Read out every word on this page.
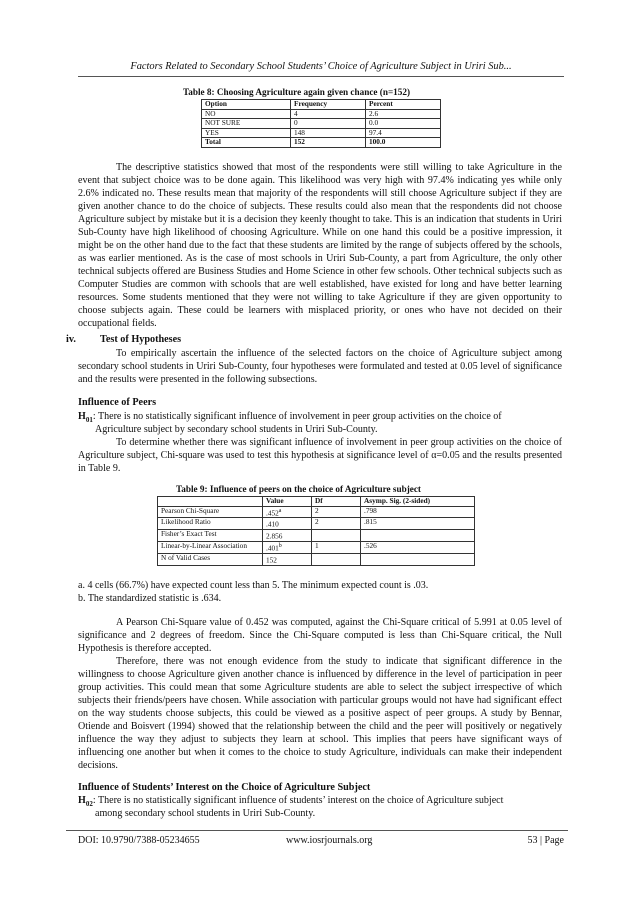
Factors Related to Secondary School Students’ Choice of Agriculture Subject in Uriri Sub...
Table 8: Choosing Agriculture again given chance (n=152)
Option	Frequency	Percent
NO	4	2.6
NOT SURE	0	0.0
YES	148	97.4
Total	152	100.0
The descriptive statistics showed that most of the respondents were still willing to take Agriculture in the event that subject choice was to be done again. This likelihood was very high with 97.4% indicating yes while only 2.6% indicated no. These results mean that majority of the respondents will still choose Agriculture subject if they are given another chance to do the choice of subjects. These results could also mean that the respondents did not choose Agriculture subject by mistake but it is a decision they keenly thought to take. This is an indication that students in Uriri Sub-County have high likelihood of choosing Agriculture. While on one hand this could be a positive impression, it might be on the other hand due to the fact that these students are limited by the range of subjects offered by the schools, as was earlier mentioned. As is the case of most schools in Uriri Sub-County, a part from Agriculture, the only other technical subjects offered are Business Studies and Home Science in other few schools. Other technical subjects such as Computer Studies are common with schools that are well established, have existed for long and have better learning resources. Some students mentioned that they were not willing to take Agriculture if they are given opportunity to choose subjects again. These could be learners with misplaced priority, or ones who have not decided on their occupational fields.
iv. Test of Hypotheses
To empirically ascertain the influence of the selected factors on the choice of Agriculture subject among secondary school students in Uriri Sub-County, four hypotheses were formulated and tested at 0.05 level of significance and the results were presented in the following subsections.
Influence of Peers
$H_{01}$: There is no statistically significant influence of involvement in peer group activities on the choice of
Agriculture subject by secondary school students in Uriri Sub-County.
To determine whether there was significant influence of involvement in peer group activities on the choice of Agriculture subject, Chi-square was used to test this hypothesis at significance level of α=0.05 and the results presented in Table 9.
Table 9: Influence of peers on the choice of Agriculture subject
	Value	Df	Asymp. Sig. (2-sided)
Pearson Chi-Square	.452$^a$	2	.798
Likelihood Ratio	.410	2	.815
Fisher’s Exact Test	2.856		
Linear-by-Linear Association	.401$^b$	1	.526
N of Valid Cases	152		
a. 4 cells (66.7%) have expected count less than 5. The minimum expected count is .03.
b. The standardized statistic is .634.
A Pearson Chi-Square value of 0.452 was computed, against the Chi-Square critical of 5.991 at 0.05 level of significance and 2 degrees of freedom. Since the Chi-Square computed is less than Chi-Square critical, the Null Hypothesis is therefore accepted.
Therefore, there was not enough evidence from the study to indicate that significant difference in the willingness to choose Agriculture given another chance is influenced by difference in the level of participation in peer group activities. This could mean that some Agriculture students are able to select the subject irrespective of which subjects their friends/peers have chosen. While association with particular groups would not have had significant effect on the way students choose subjects, this could be viewed as a positive aspect of peer groups. A study by Bennar, Otiende and Boisvert (1994) showed that the relationship between the child and the peer will positively or negatively influence the way they adjust to subjects they learn at school. This implies that peers have significant ways of influencing one another but when it comes to the choice to study Agriculture, individuals can make their independent decisions.
Influence of Students’ Interest on the Choice of Agriculture Subject
$H_{02}$: There is no statistically significant influence of students’ interest on the choice of Agriculture subject
among secondary school students in Uriri Sub-County.
DOI: 10.9790/7388-05234655	www.iosrjournals.org	53 | Page
